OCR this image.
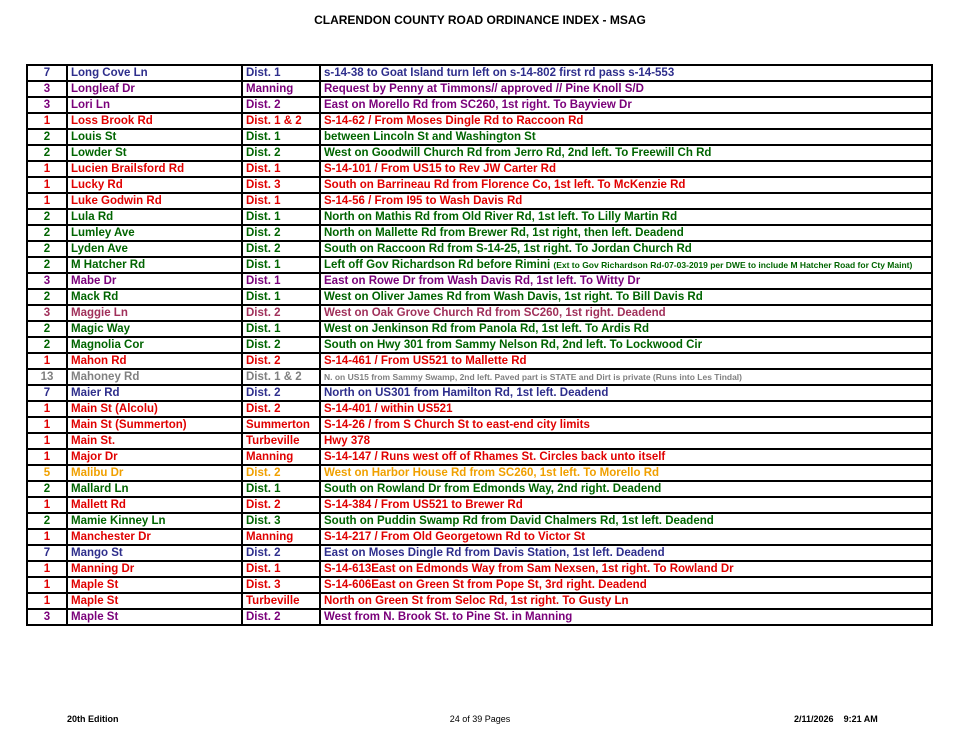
CLARENDON COUNTY ROAD ORDINANCE INDEX - MSAG
7	Long Cove Ln	Dist. 1	s-14-38 to Goat Island turn left on s-14-802 first rd pass s-14-553
3	Longleaf Dr	Manning	Request by Penny at Timmons// approved // Pine Knoll S/D
3	Lori Ln	Dist. 2	East on Morello Rd from SC260, 1st right. To Bayview Dr
1	Loss Brook Rd	Dist. 1 & 2	S-14-62 / From Moses Dingle Rd to Raccoon Rd
2	Louis St	Dist. 1	between Lincoln St and Washington St
2	Lowder St	Dist. 2	West on Goodwill Church Rd from Jerro Rd, 2nd left. To Freewill Ch Rd
1	Lucien Brailsford Rd	Dist. 1	S-14-101 / From US15 to Rev JW Carter Rd
1	Lucky Rd	Dist. 3	South on Barrineau Rd from Florence Co, 1st left. To McKenzie Rd
1	Luke Godwin Rd	Dist. 1	S-14-56 / From I95 to Wash Davis Rd
2	Lula Rd	Dist. 1	North on Mathis Rd from Old River Rd, 1st left. To Lilly Martin Rd
2	Lumley Ave	Dist. 2	North on Mallette Rd from Brewer Rd, 1st right, then left. Deadend
2	Lyden Ave	Dist. 2	South on Raccoon Rd from S-14-25, 1st right. To Jordan Church Rd
2	M Hatcher Rd	Dist. 1	Left off Gov Richardson Rd before Rimini (Ext to Gov Richardson Rd-07-03-2019 per DWE to include M Hatcher Road for Cty Maint)
3	Mabe Dr	Dist. 1	East on Rowe Dr from Wash Davis Rd, 1st left. To Witty Dr
2	Mack Rd	Dist. 1	West on Oliver James Rd from Wash Davis, 1st right. To Bill Davis Rd
3	Maggie Ln	Dist. 2	West on Oak Grove Church Rd from SC260, 1st right. Deadend
2	Magic Way	Dist. 1	West on Jenkinson Rd from Panola Rd, 1st left. To Ardis Rd
2	Magnolia Cor	Dist. 2	South on Hwy 301 from Sammy Nelson Rd, 2nd left. To Lockwood Cir
1	Mahon Rd	Dist. 2	S-14-461 / From US521 to Mallette Rd
13	Mahoney Rd	Dist. 1 & 2	N. on US15 from Sammy Swamp, 2nd left. Paved part is STATE and Dirt is private (Runs into Les Tindal)
7	Maier Rd	Dist. 2	North on US301 from Hamilton Rd, 1st left. Deadend
1	Main St (Alcolu)	Dist. 2	S-14-401 / within US521
1	Main St (Summerton)	Summerton	S-14-26 / from S Church St to east-end city limits
1	Main St.	Turbeville	Hwy 378
1	Major Dr	Manning	S-14-147 / Runs west off of Rhames St. Circles back unto itself
5	Malibu Dr	Dist. 2	West on Harbor House Rd from SC260, 1st left. To Morello Rd
2	Mallard Ln	Dist. 1	South on Rowland Dr from Edmonds Way, 2nd right. Deadend
1	Mallett Rd	Dist. 2	S-14-384 / From US521 to Brewer Rd
2	Mamie Kinney Ln	Dist. 3	South on Puddin Swamp Rd from David Chalmers Rd, 1st left. Deadend
1	Manchester Dr	Manning	S-14-217 / From Old Georgetown Rd to Victor St
7	Mango St	Dist. 2	East on Moses Dingle Rd from Davis Station, 1st left. Deadend
1	Manning Dr	Dist. 1	S-14-613East on Edmonds Way from Sam Nexsen, 1st right. To Rowland Dr
1	Maple St	Dist. 3	S-14-606East on Green St from Pope St, 3rd right. Deadend
1	Maple St	Turbeville	North on Green St from Seloc Rd, 1st right. To Gusty Ln
3	Maple St	Dist. 2	West from N. Brook St. to Pine St. in Manning
20th Edition	24 of 39 Pages	2/11/2026 9:21 AM
